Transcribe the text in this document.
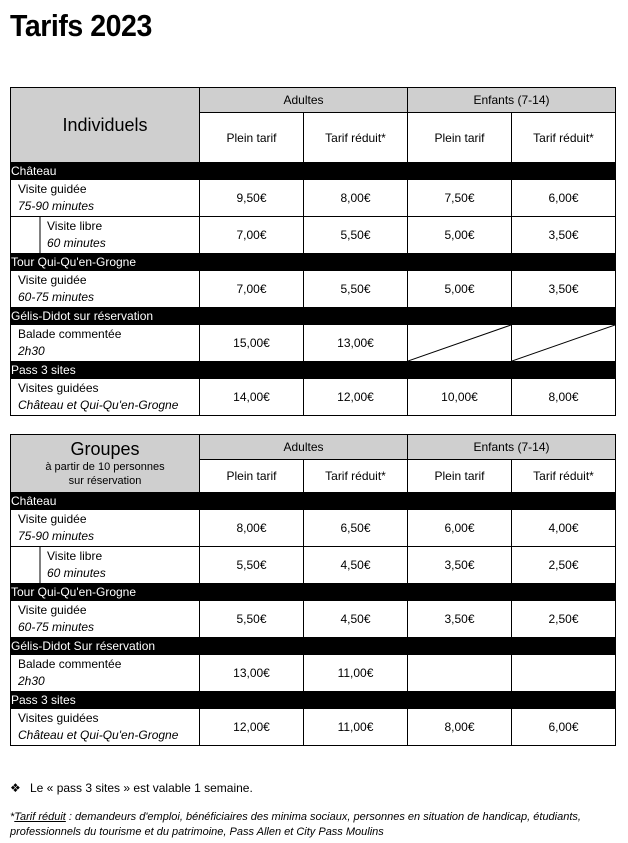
Tarifs 2023
Individuels	Adultes		Enfants (7-14)	
	Plein tarif	Tarif réduit*	Plein tarif	Tarif réduit*
Château				
Visite guidée
75-90 minutes	9,50€	8,00€	7,50€	6,00€
Visite libre
60 minutes	7,00€	5,50€	5,00€	3,50€
Tour Qui-Qu'en-Grogne				
Visite guidée
60-75 minutes	7,00€	5,50€	5,00€	3,50€
Gélis-Didot sur réservation				
Balade commentée
2h30	15,00€	13,00€	

Pass 3 sites				
Visites guidées
Château et Qui-Qu'en-Grogne	14,00€	12,00€	10,00€	8,00€
Groupes
à partir de 10 personnes
sur réservation	Adultes		Enfants (7-14)	
	Plein tarif	Tarif réduit*	Plein tarif	Tarif réduit*
Château				
Visite guidée
75-90 minutes	8,00€	6,50€	6,00€	4,00€
Visite libre
60 minutes	5,50€	4,50€	3,50€	2,50€
Tour Qui-Qu'en-Grogne				
Visite guidée
60-75 minutes	5,50€	4,50€	3,50€	2,50€
Gélis-Didot Sur réservation				
Balade commentée
2h30	13,00€	11,00€		
Pass 3 sites				
Visites guidées
Château et Qui-Qu'en-Grogne	12,00€	11,00€	8,00€	6,00€
❖ Le « pass 3 sites » est valable 1 semaine.
*Tarif réduit : demandeurs d'emploi, bénéficiaires des minima sociaux, personnes en situation de handicap, étudiants, professionnels du tourisme et du patrimoine, Pass Allen et City Pass Moulins
